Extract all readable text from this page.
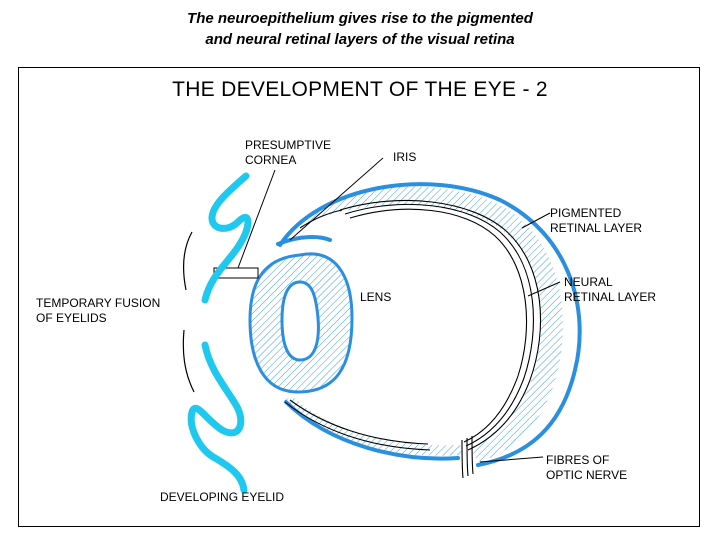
The neuroepithelium gives rise to the pigmented
and neural retinal layers of the visual retina
THE DEVELOPMENT OF THE EYE - 2
PRESUMPTIVE
CORNEA	IRIS
PIGMENTED
RETINAL LAYER
NEURAL
RETINAL LAYER
LENS
TEMPORARY FUSION
OF EYELIDS
FIBRES OF
OPTIC NERVE
DEVELOPING EYELID
